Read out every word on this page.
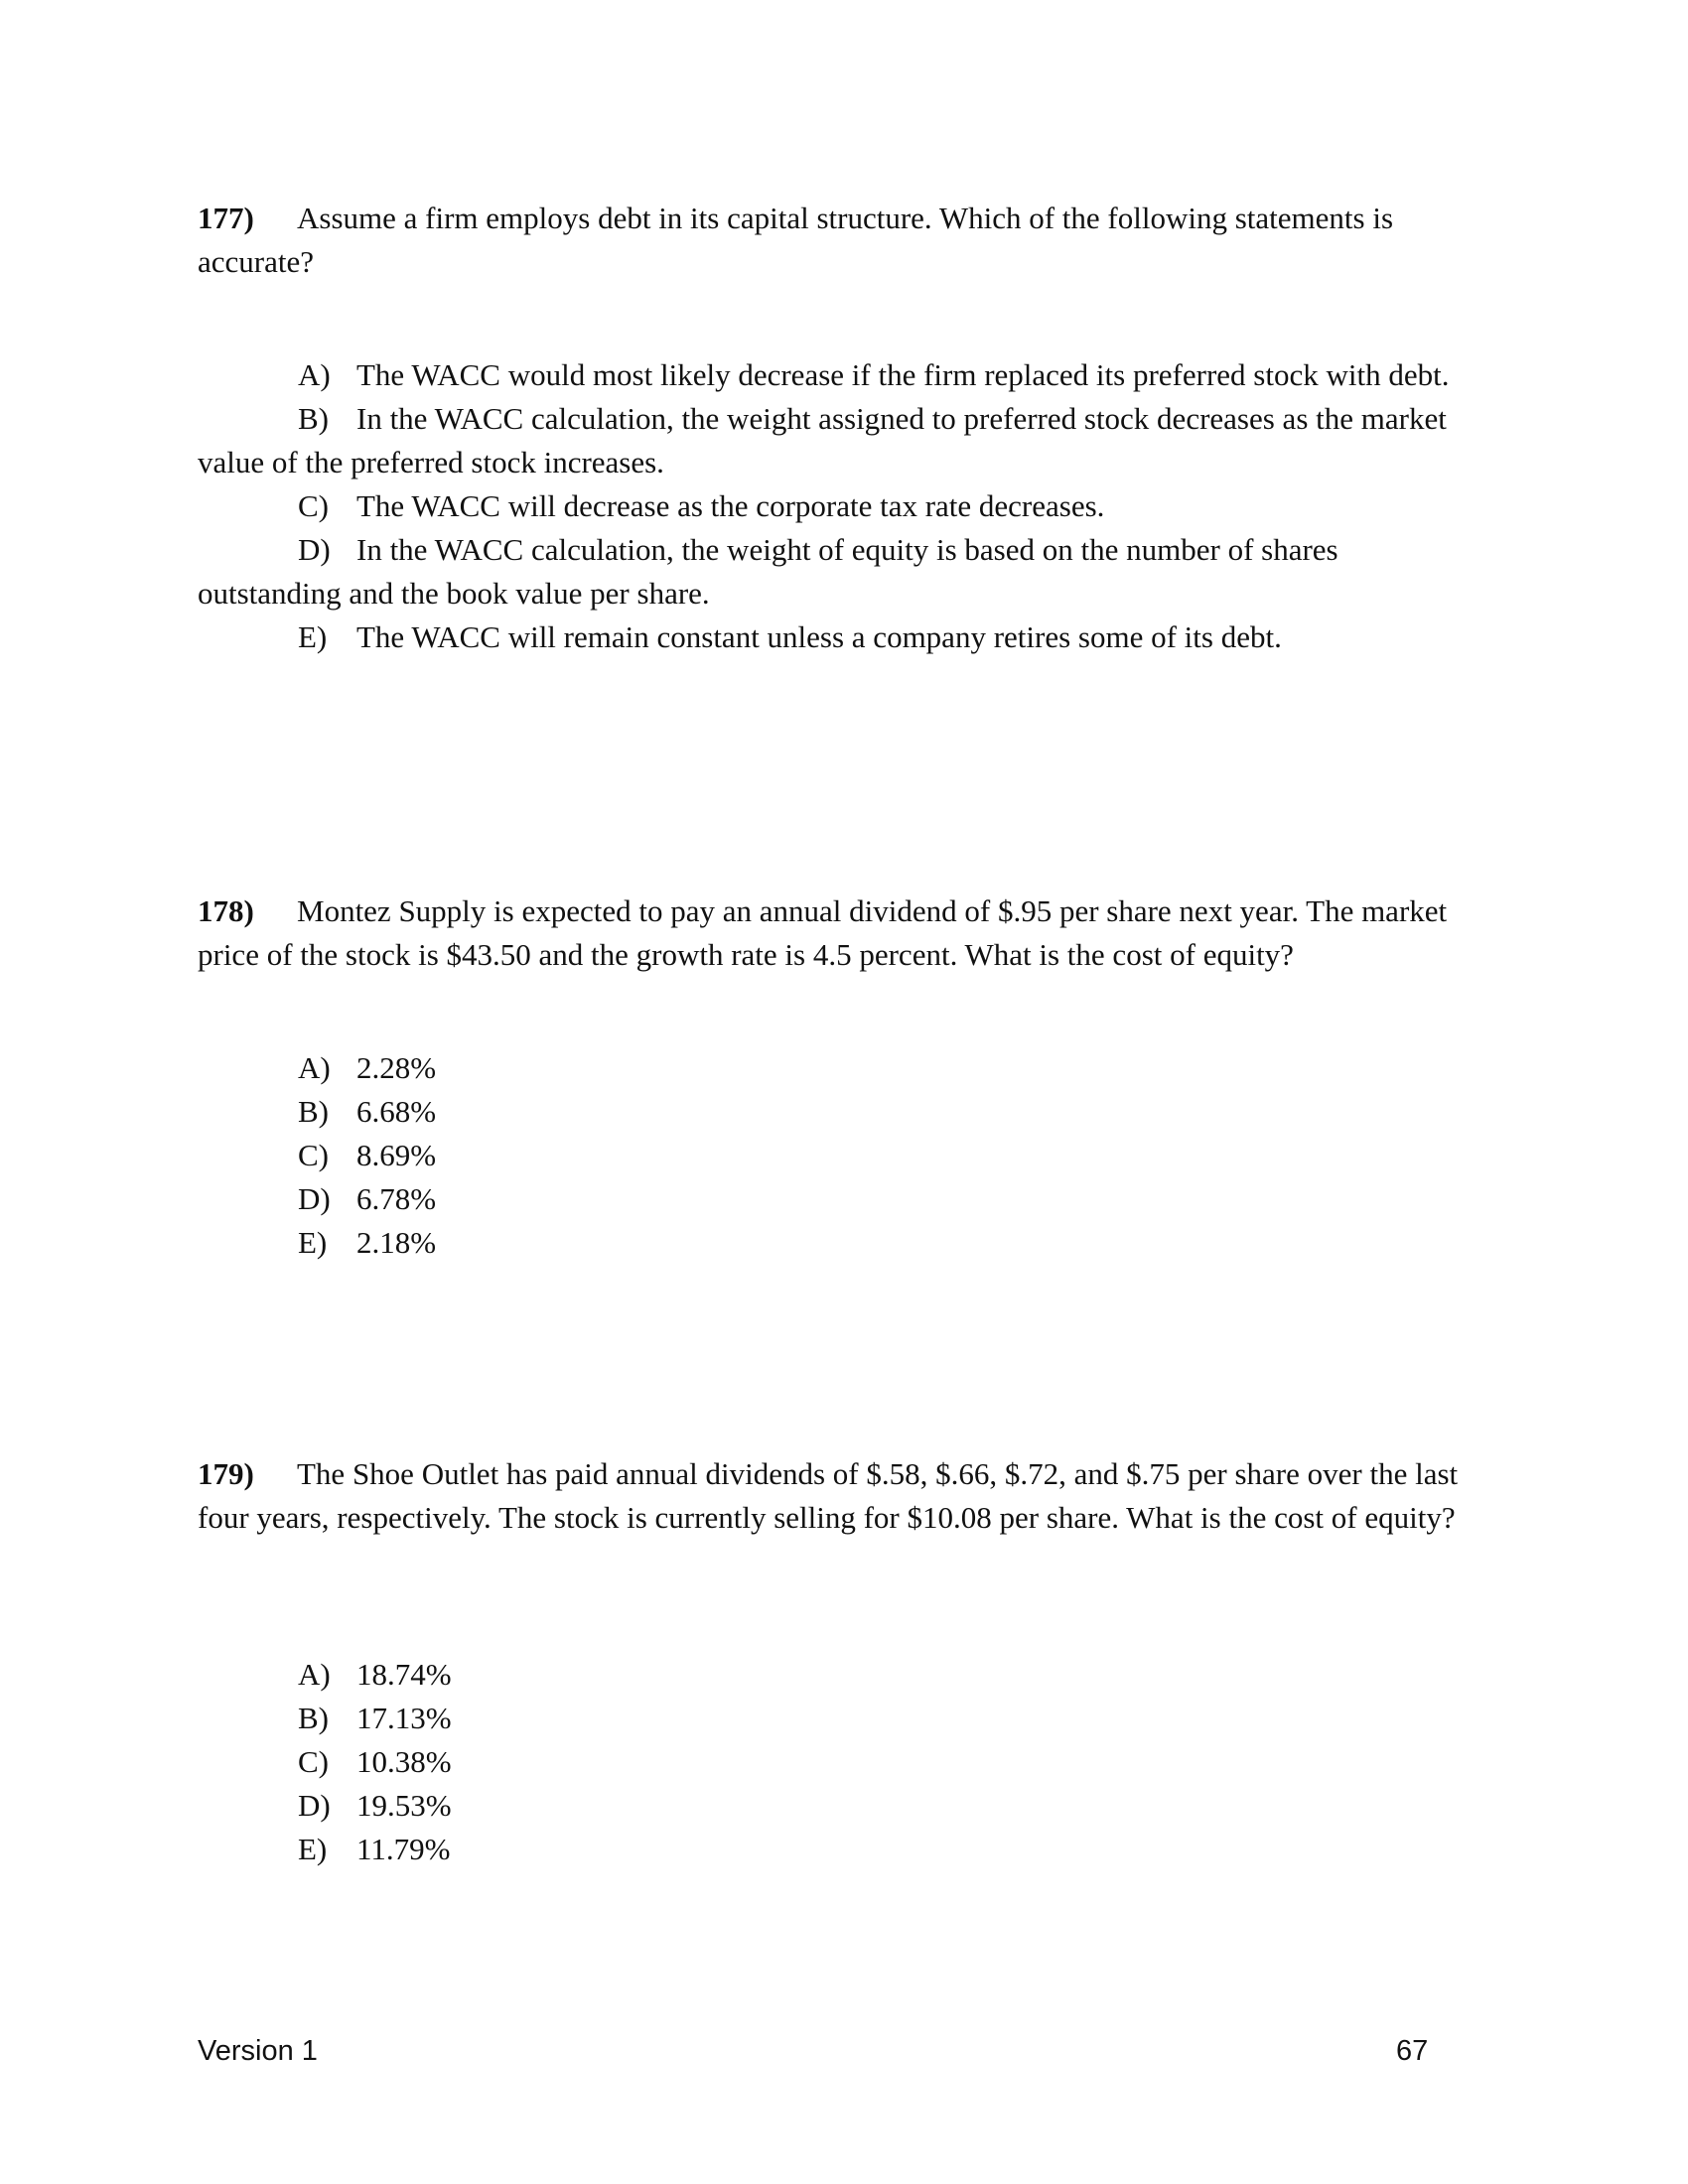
177) Assume a firm employs debt in its capital structure. Which of the following statements is accurate?

A) The WACC would most likely decrease if the firm replaced its preferred stock with debt.

B) In the WACC calculation, the weight assigned to preferred stock decreases as the market value of the preferred stock increases.

C) The WACC will decrease as the corporate tax rate decreases.

D) In the WACC calculation, the weight of equity is based on the number of shares outstanding and the book value per share.

E) The WACC will remain constant unless a company retires some of its debt.

178) Montez Supply is expected to pay an annual dividend of $.95 per share next year. The market price of the stock is $43.50 and the growth rate is 4.5 percent. What is the cost of equity?

A) 2.28%

B) 6.68%

C) 8.69%

D) 6.78%

E) 2.18%

179) The Shoe Outlet has paid annual dividends of $.58, $.66, $.72, and $.75 per share over the last four years, respectively. The stock is currently selling for $10.08 per share. What is the cost of equity?

A) 18.74%

B) 17.13%

C) 10.38%

D) 19.53%

E) 11.79%

Version 1	67
